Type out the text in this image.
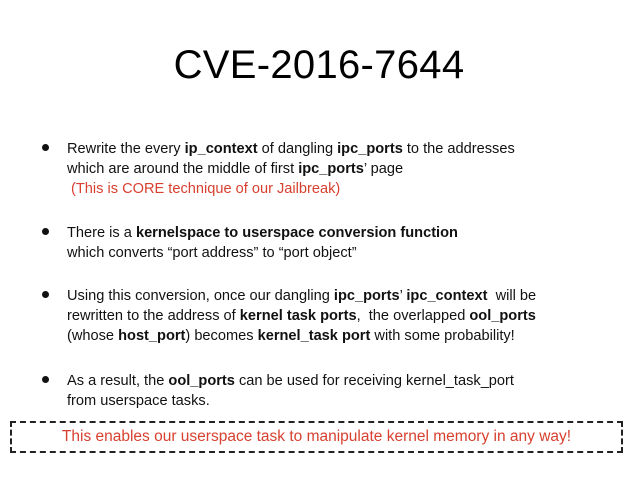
CVE-2016-7644
Rewrite the every ip_context of dangling ipc_ports to the addresses
which are around the middle of first ipc_ports’ page
(This is CORE technique of our Jailbreak)
There is a kernelspace to userspace conversion function
which converts “port address” to “port object”
Using this conversion, once our dangling ipc_ports’ ipc_context  will be
rewritten to the address of kernel task ports,  the overlapped ool_ports
(whose host_port) becomes kernel_task port with some probability!
As a result, the ool_ports can be used for receiving kernel_task_port
from userspace tasks.
This enables our userspace task to manipulate kernel memory in any way!
